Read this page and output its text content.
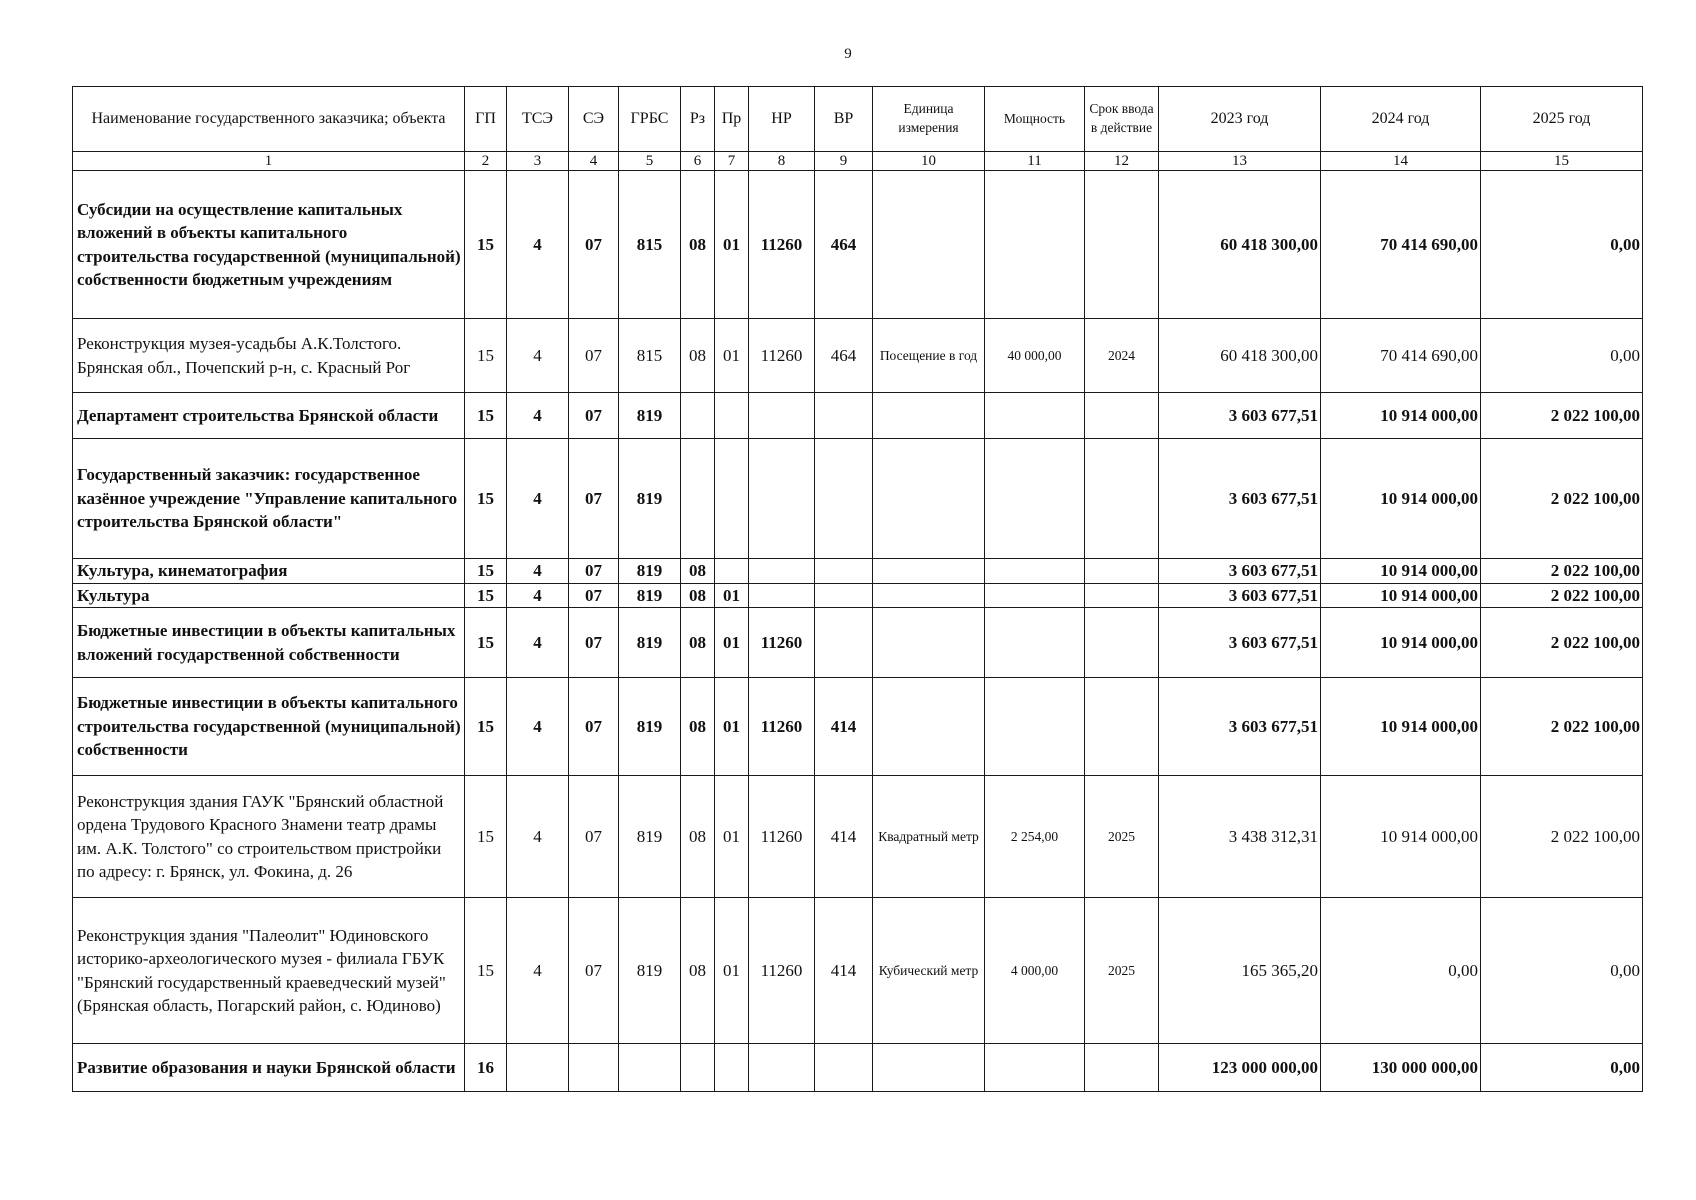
9
Наименование государственного заказчика; объекта	ГП	ТСЭ	СЭ	ГРБС	Рз	Пр	НР	ВР	Единица измерения	Мощность	Срок ввода в действие	2023 год	2024 год	2025 год
1	2	3	4	5	6	7	8	9	10	11	12	13	14	15
Субсидии на осуществление капитальных вложений в объекты капитального строительства государственной (муниципальной) собственности бюджетным учреждениям	15	4	07	815	08	01	11260	464				60 418 300,00	70 414 690,00	0,00
Реконструкция музея-усадьбы А.К.Толстого. Брянская обл., Почепский р-н, с. Красный Рог	15	4	07	815	08	01	11260	464	Посещение в год	40 000,00	2024	60 418 300,00	70 414 690,00	0,00
Департамент строительства Брянской области	15	4	07	819								3 603 677,51	10 914 000,00	2 022 100,00
Государственный заказчик: государственное казённое учреждение "Управление капитального строительства Брянской области"	15	4	07	819								3 603 677,51	10 914 000,00	2 022 100,00
Культура, кинематография	15	4	07	819	08							3 603 677,51	10 914 000,00	2 022 100,00
Культура	15	4	07	819	08	01						3 603 677,51	10 914 000,00	2 022 100,00
Бюджетные инвестиции в объекты капитальных вложений государственной собственности	15	4	07	819	08	01	11260					3 603 677,51	10 914 000,00	2 022 100,00
Бюджетные инвестиции в объекты капитального строительства государственной (муниципальной) собственности	15	4	07	819	08	01	11260	414				3 603 677,51	10 914 000,00	2 022 100,00
Реконструкция здания ГАУК "Брянский областной ордена Трудового Красного Знамени театр драмы им. А.К. Толстого" со строительством пристройки по адресу: г. Брянск, ул. Фокина, д. 26	15	4	07	819	08	01	11260	414	Квадратный метр	2 254,00	2025	3 438 312,31	10 914 000,00	2 022 100,00
Реконструкция здания "Палеолит" Юдиновского историко-археологического музея - филиала ГБУК "Брянский государственный краеведческий музей" (Брянская область, Погарский район, с. Юдиново)	15	4	07	819	08	01	11260	414	Кубический метр	4 000,00	2025	165 365,20	0,00	0,00
Развитие образования и науки Брянской области	16											123 000 000,00	130 000 000,00	0,00
